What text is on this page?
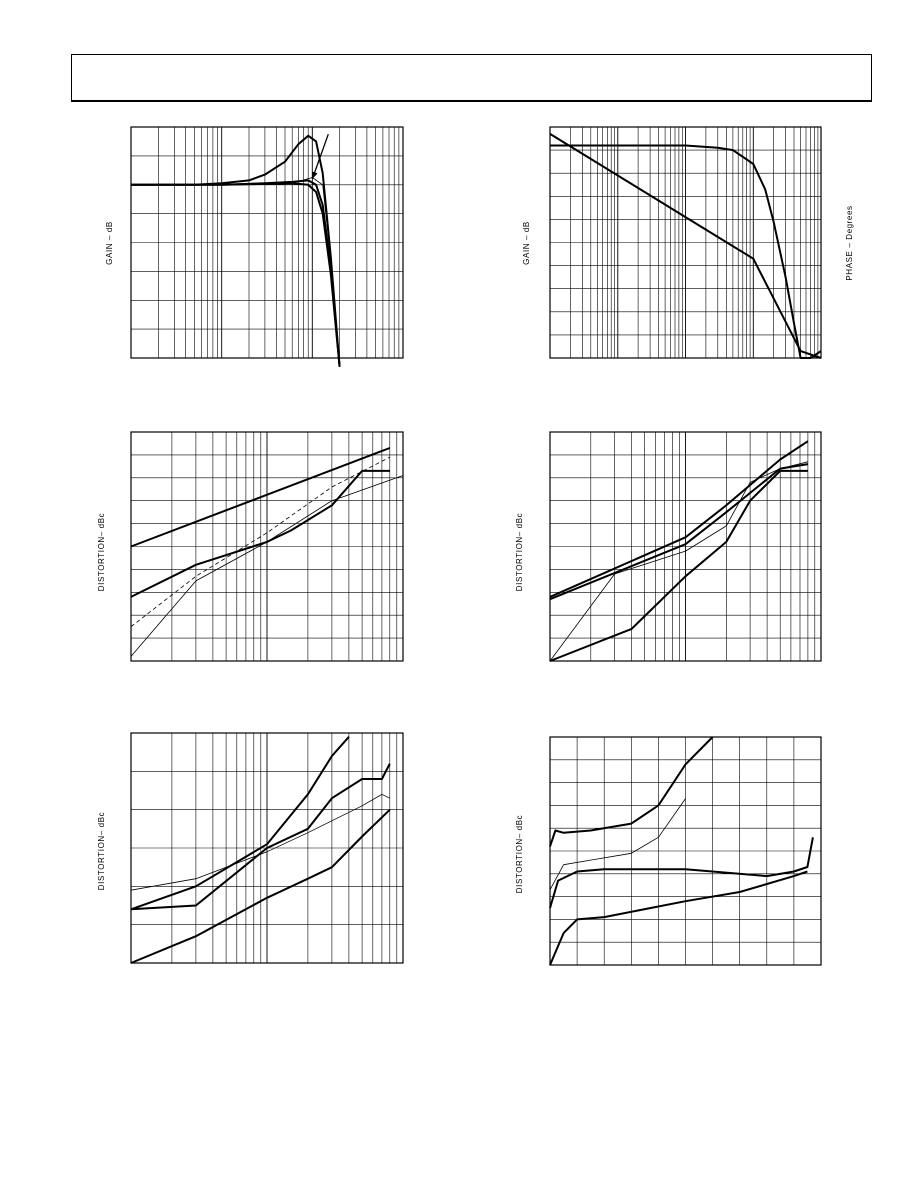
GAIN – dB	GAIN – dB	PHASE – Degrees
DISTORTION– dBc	DISTORTION– dBc
DISTORTION– dBc	DISTORTION– dBc
